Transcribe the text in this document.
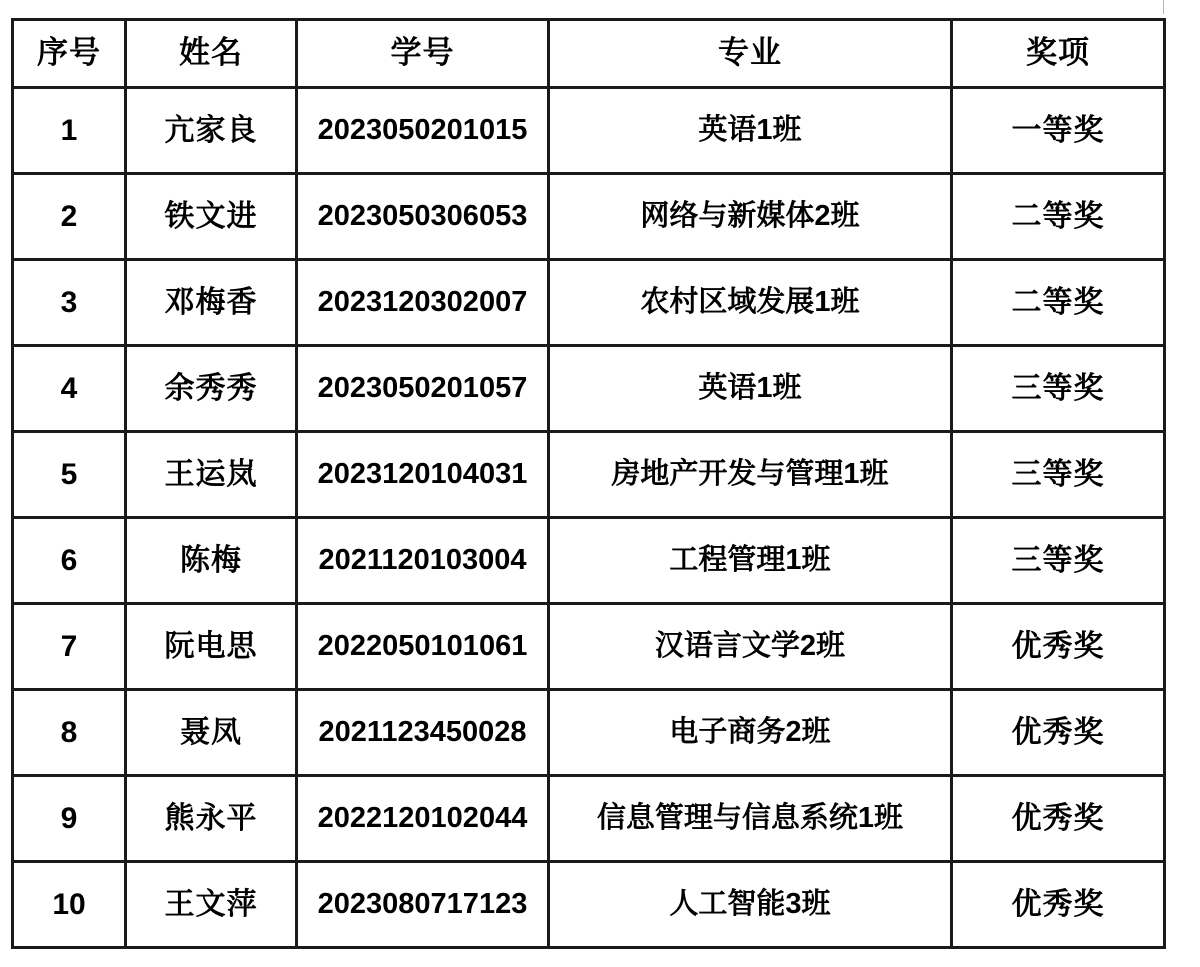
序号	姓名	学号	专业	奖项
1	亢家良	2023050201015	英语1班	一等奖
2	铁文进	2023050306053	网络与新媒体2班	二等奖
3	邓梅香	2023120302007	农村区域发展1班	二等奖
4	余秀秀	2023050201057	英语1班	三等奖
5	王运岚	2023120104031	房地产开发与管理1班	三等奖
6	陈梅	2021120103004	工程管理1班	三等奖
7	阮电思	2022050101061	汉语言文学2班	优秀奖
8	聂凤	2021123450028	电子商务2班	优秀奖
9	熊永平	2022120102044	信息管理与信息系统1班	优秀奖
10	王文萍	2023080717123	人工智能3班	优秀奖
